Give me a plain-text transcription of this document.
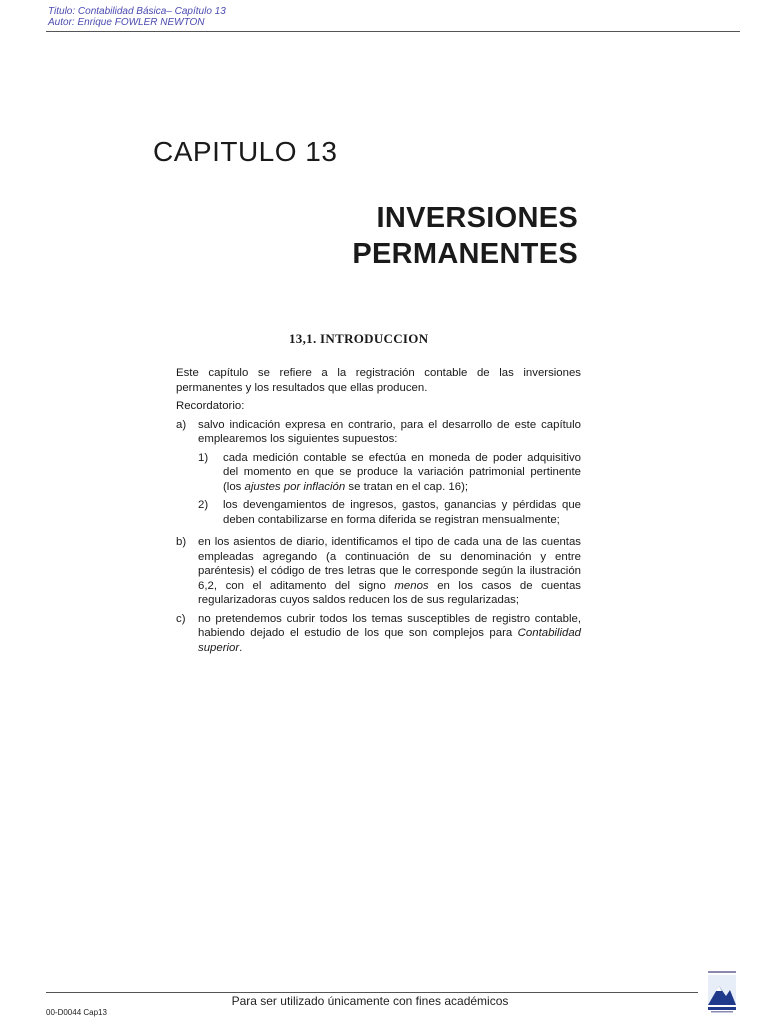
Titulo: Contabilidad Básica– Capítulo 13
Autor: Enrique FOWLER NEWTON
CAPITULO 13
INVERSIONES
PERMANENTES
13,1. INTRODUCCION

Este capítulo se refiere a la registración contable de las inversiones permanentes y los resultados que ellas producen.

Recordatorio:

a)	salvo indicación expresa en contrario, para el desarrollo de este capítulo emplearemos los siguientes supuestos:
1)	cada medición contable se efectúa en moneda de poder adquisitivo del momento en que se produce la variación patrimonial pertinente (los ajustes por inflación se tratan en el cap. 16);
2)	los devengamientos de ingresos, gastos, ganancias y pérdidas que deben contabilizarse en forma diferida se registran mensualmente;
b)	en los asientos de diario, identificamos el tipo de cada una de las cuentas empleadas agregando (a continuación de su denominación y entre paréntesis) el código de tres letras que le corresponde según la ilustración 6,2, con el aditamento del signo menos en los casos de cuentas regularizadoras cuyos saldos reducen los de sus regularizadas;
c)	no pretendemos cubrir todos los temas susceptibles de registro contable, habiendo dejado el estudio de los que son complejos para Contabilidad superior.
Para ser utilizado únicamente con fines académicos
00-D0044 Cap13
